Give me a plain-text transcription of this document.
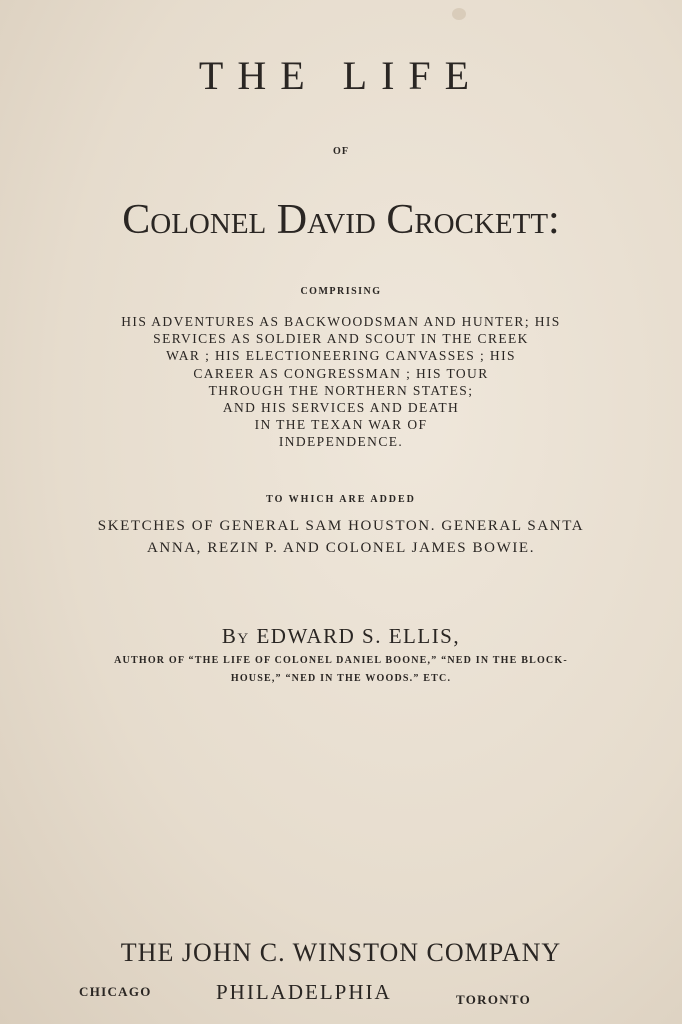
THE LIFE
OF
Colonel David Crockett:
COMPRISING
HIS ADVENTURES AS BACKWOODSMAN AND HUNTER; HIS
SERVICES AS SOLDIER AND SCOUT IN THE CREEK
WAR ; HIS ELECTIONEERING CANVASSES ; HIS
CAREER AS CONGRESSMAN ; HIS TOUR
THROUGH THE NORTHERN STATES;
AND HIS SERVICES AND DEATH
IN THE TEXAN WAR OF
INDEPENDENCE.
TO WHICH ARE ADDED
SKETCHES OF GENERAL SAM HOUSTON. GENERAL SANTA
ANNA, REZIN P. AND COLONEL JAMES BOWIE.
By EDWARD S. ELLIS,
AUTHOR OF “THE LIFE OF COLONEL DANIEL BOONE,” “NED IN THE BLOCK-
HOUSE,” “NED IN THE WOODS.” ETC.
THE JOHN C. WINSTON COMPANY
CHICAGO	PHILADELPHIA	TORONTO
